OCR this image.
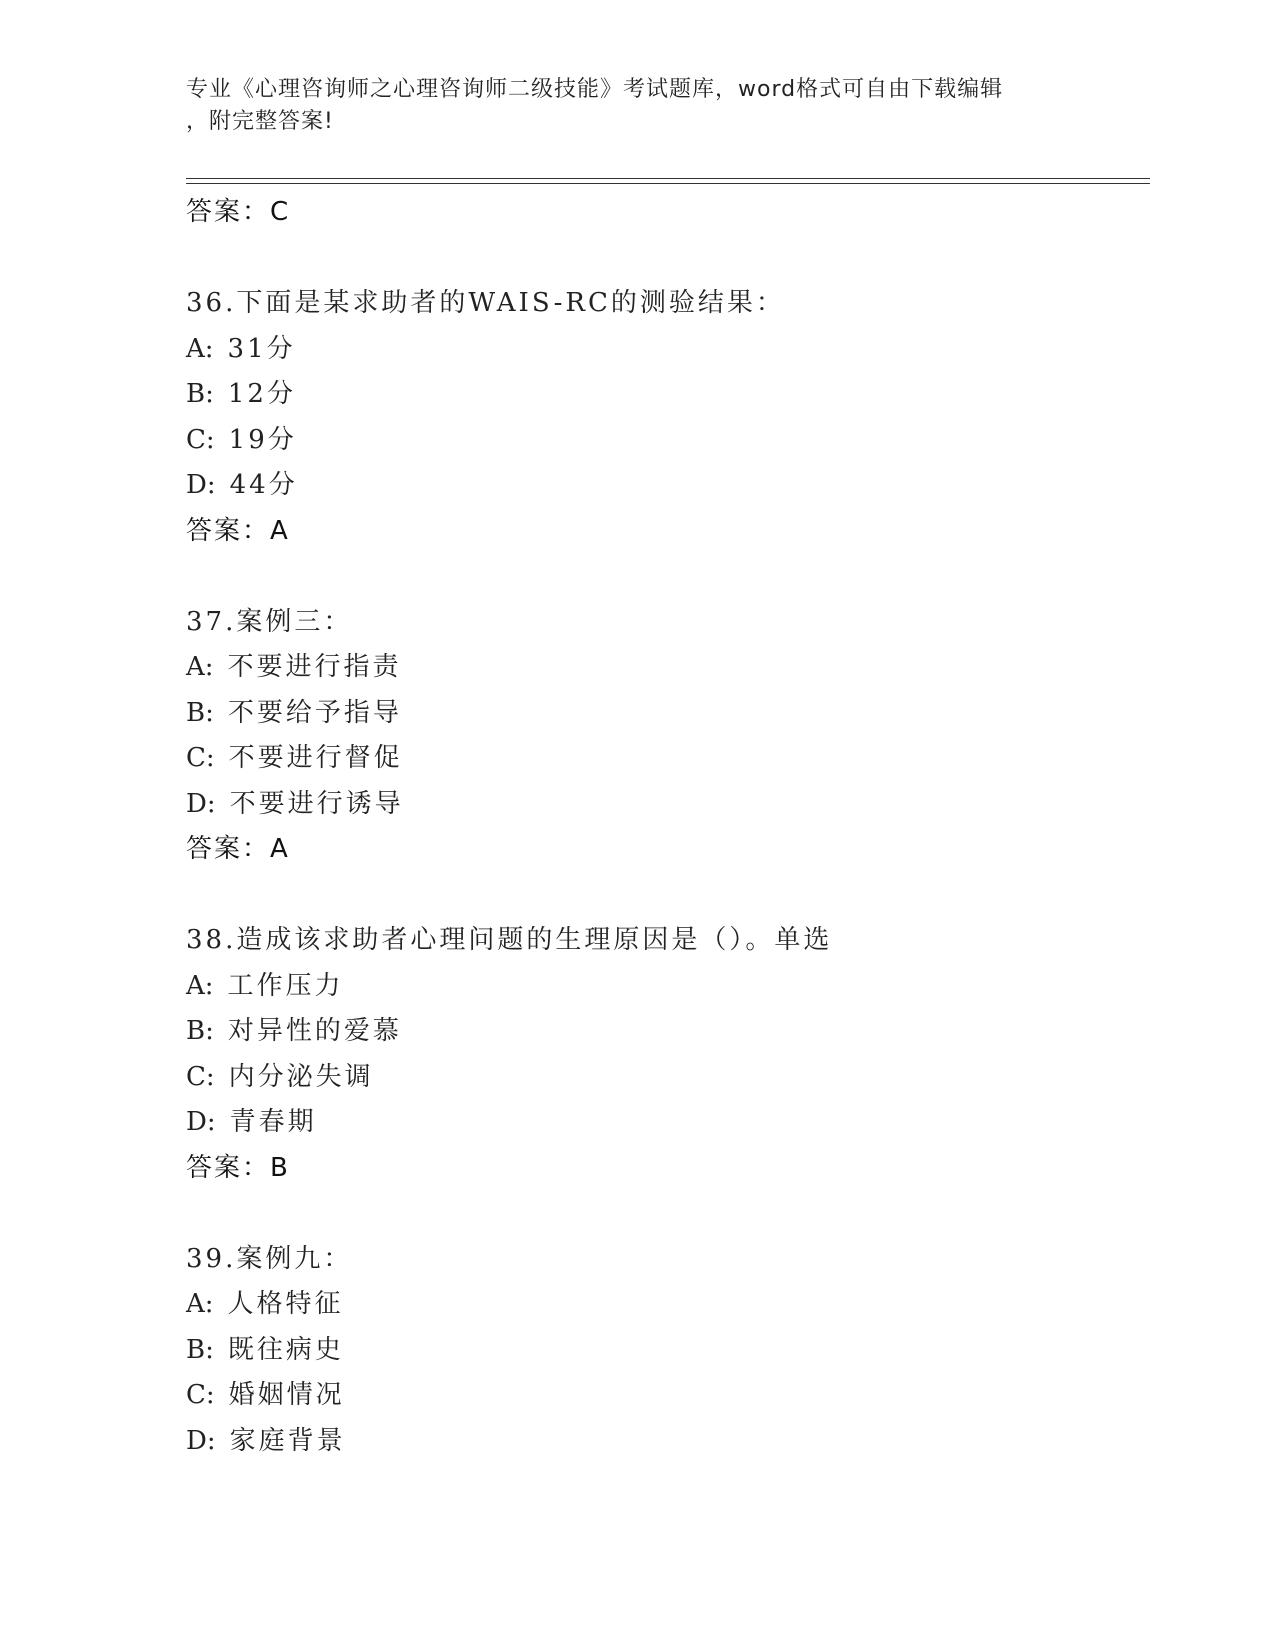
专业《心理咨询师之心理咨询师二级技能》考试题库，word格式可自由下载编辑
，附完整答案!
答案：C
36.下面是某求助者的WAIS-RC的测验结果：
A: 31分
B: 12分
C: 19分
D: 44分
答案：A
37.案例三：
A: 不要进行指责
B: 不要给予指导
C: 不要进行督促
D: 不要进行诱导
答案：A
38.造成该求助者心理问题的生理原因是（）。单选
A: 工作压力
B: 对异性的爱慕
C: 内分泌失调
D: 青春期
答案：B
39.案例九：
A: 人格特征
B: 既往病史
C: 婚姻情况
D: 家庭背景
